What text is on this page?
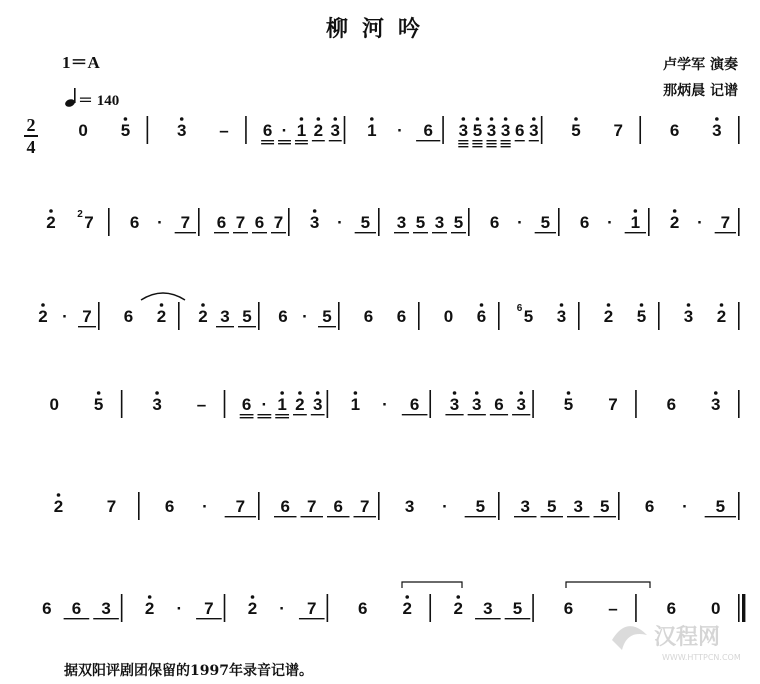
柳河吟
1＝A
＝ 140
卢学军 演奏
那炳晨 记谱
2
4
0 5	3 – 6 · 1 2 3 1 · 6 3 5 3 3 6 3 5 7	6 3
2 7
2	6 · 7 6 7 6 7 3 · 5 3 5 3 5 6 · 5 6 · 1 2 · 7
2 · 7 6 2 2 3 5 6 · 5 6 6 0 6 5
6 3 2 5 3 2
0 5	3 – 6 · 1 2 3 1 · 6 3 3 6 3 5 7	6 3
2	7	6 · 7 6 7 6 7 3 · 5 3 5 3 5 6 · 5
6 6 3 2 · 7 2 · 7 6 2 2 3 5 6 –	6 0
据双阳评剧团保留的1997年录音记谱。
汉程网
WWW.HTTPCN.COM
